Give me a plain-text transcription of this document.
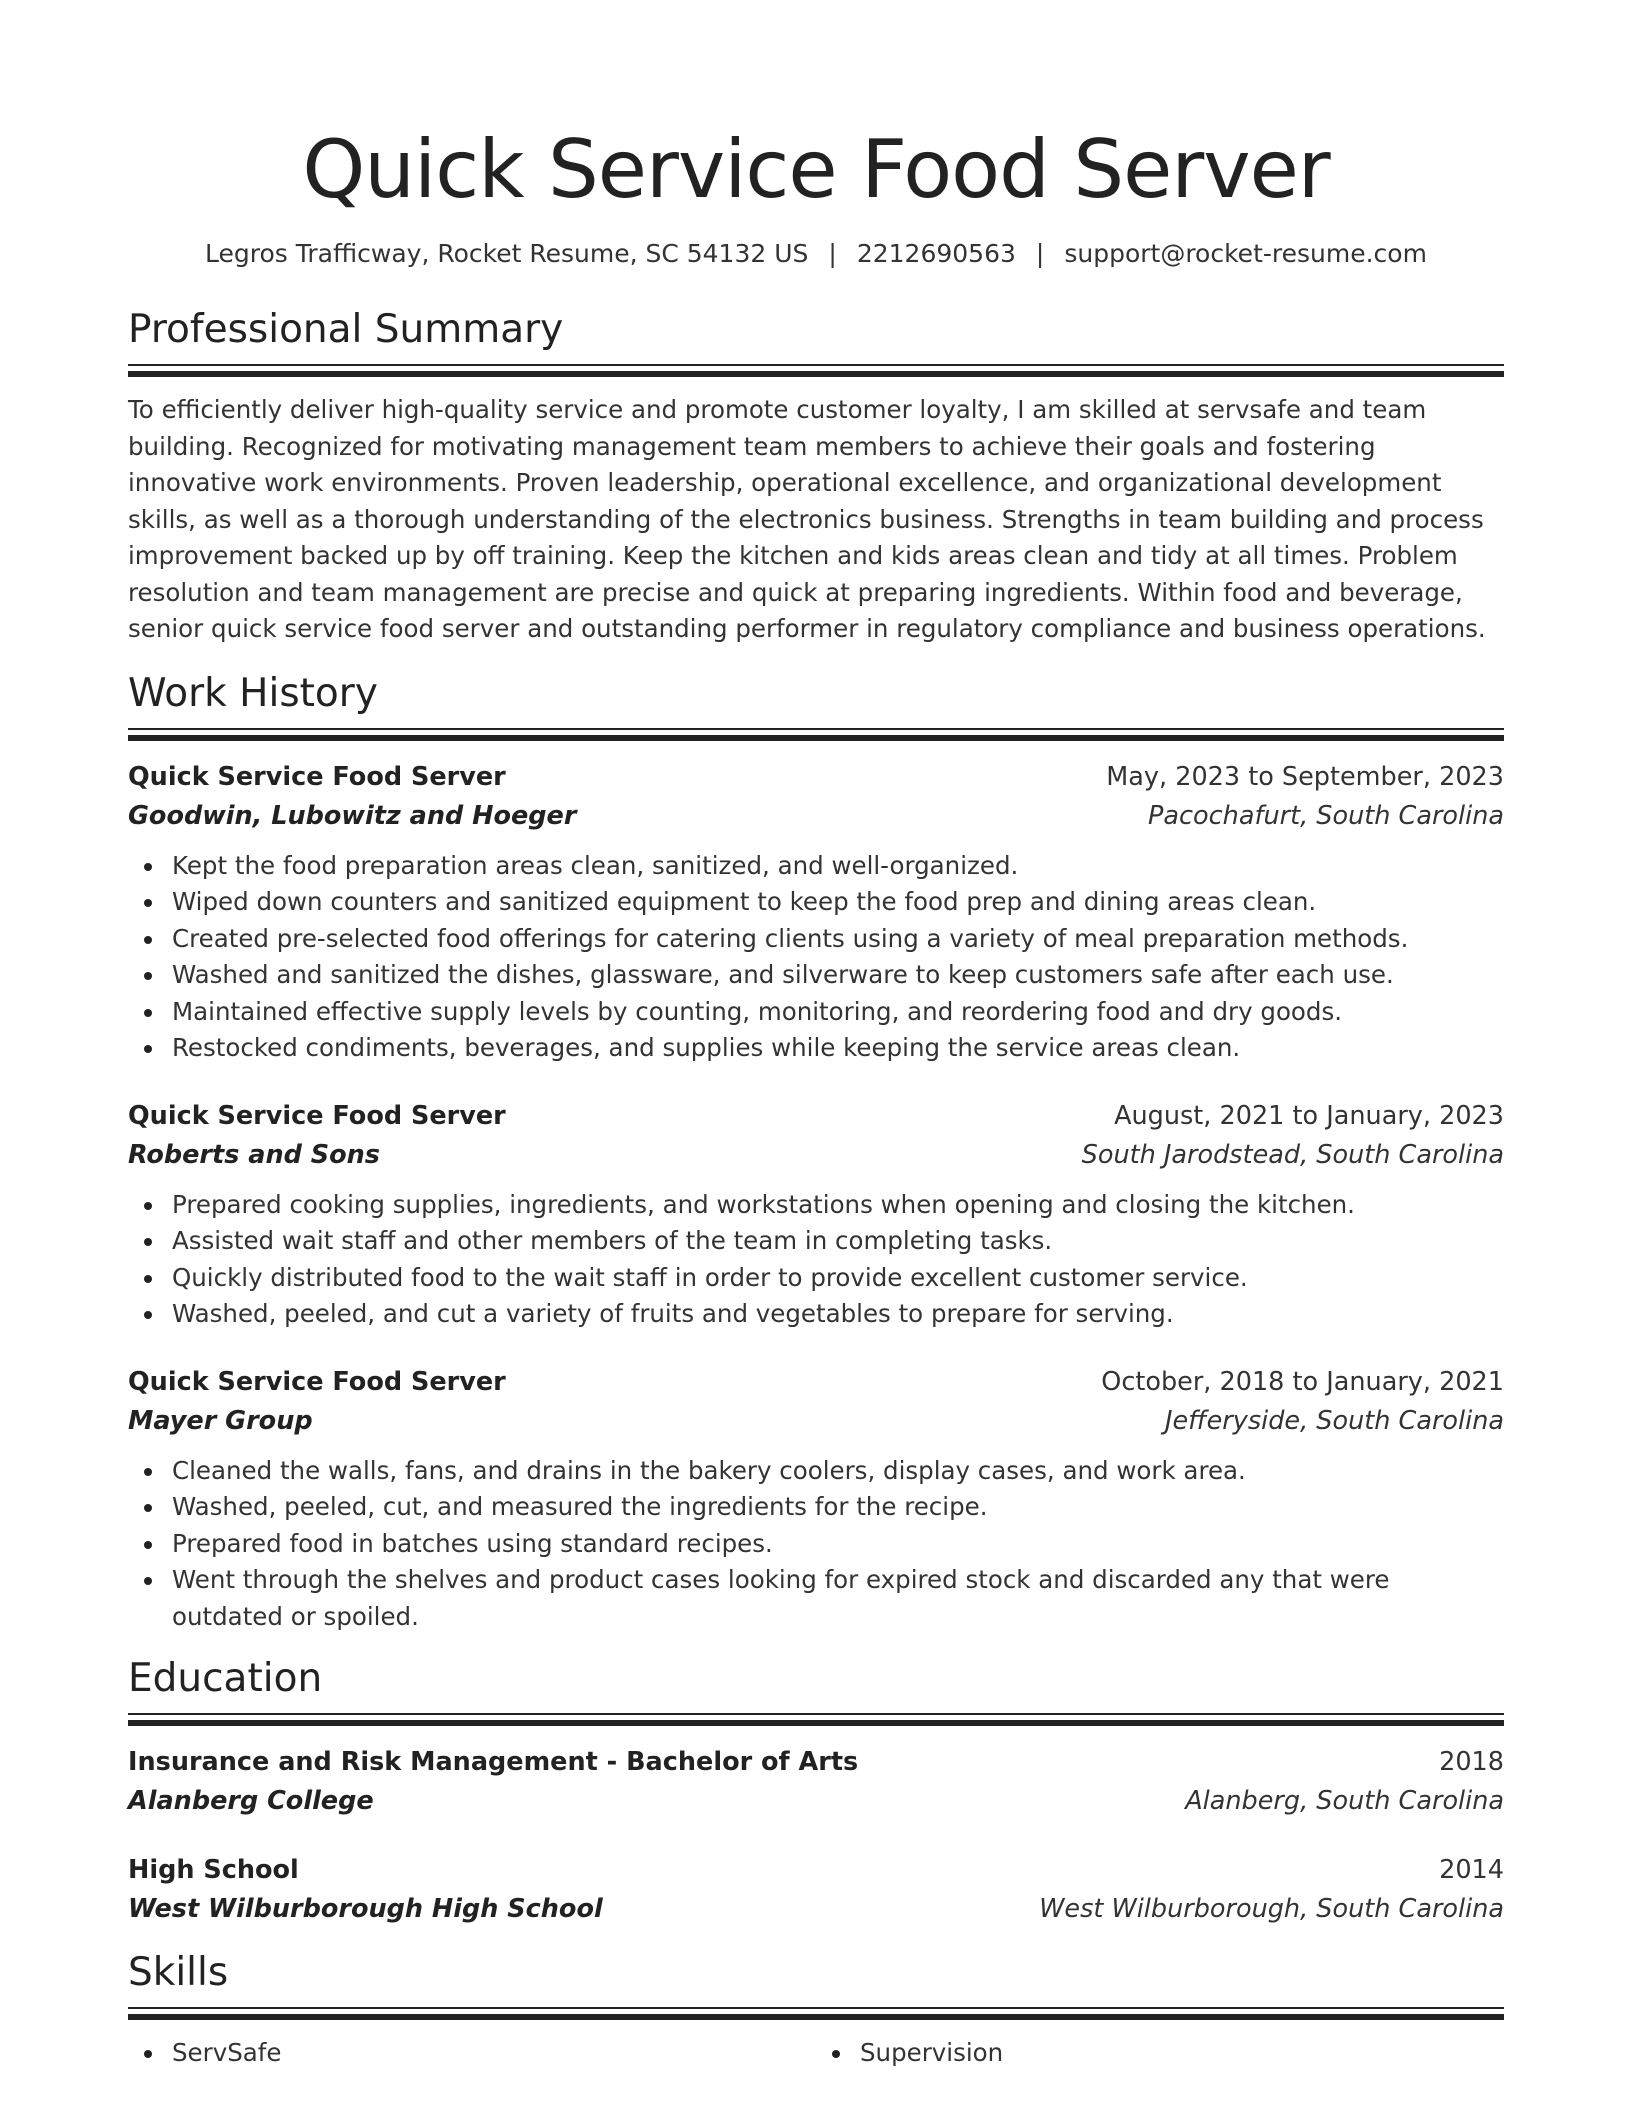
Quick Service Food Server
Legros Trafficway, Rocket Resume, SC 54132 US | 2212690563 | support@rocket-resume.com
Professional Summary
To efficiently deliver high-quality service and promote customer loyalty, I am skilled at servsafe and team building. Recognized for motivating management team members to achieve their goals and fostering innovative work environments. Proven leadership, operational excellence, and organizational development skills, as well as a thorough understanding of the electronics business. Strengths in team building and process improvement backed up by off training. Keep the kitchen and kids areas clean and tidy at all times. Problem resolution and team management are precise and quick at preparing ingredients. Within food and beverage, senior quick service food server and outstanding performer in regulatory compliance and business operations.
Work History
Quick Service Food Server	May, 2023 to September, 2023
Goodwin, Lubowitz and Hoeger	Pacochafurt, South Carolina
Kept the food preparation areas clean, sanitized, and well-organized.
Wiped down counters and sanitized equipment to keep the food prep and dining areas clean.
Created pre-selected food offerings for catering clients using a variety of meal preparation methods.
Washed and sanitized the dishes, glassware, and silverware to keep customers safe after each use.
Maintained effective supply levels by counting, monitoring, and reordering food and dry goods.
Restocked condiments, beverages, and supplies while keeping the service areas clean.
Quick Service Food Server	August, 2021 to January, 2023
Roberts and Sons	South Jarodstead, South Carolina
Prepared cooking supplies, ingredients, and workstations when opening and closing the kitchen.
Assisted wait staff and other members of the team in completing tasks.
Quickly distributed food to the wait staff in order to provide excellent customer service.
Washed, peeled, and cut a variety of fruits and vegetables to prepare for serving.
Quick Service Food Server	October, 2018 to January, 2021
Mayer Group	Jefferyside, South Carolina
Cleaned the walls, fans, and drains in the bakery coolers, display cases, and work area.
Washed, peeled, cut, and measured the ingredients for the recipe.
Prepared food in batches using standard recipes.
Went through the shelves and product cases looking for expired stock and discarded any that were outdated or spoiled.
Education
Insurance and Risk Management - Bachelor of Arts	2018
Alanberg College	Alanberg, South Carolina
High School	2014
West Wilburborough High School	West Wilburborough, South Carolina
Skills
ServSafe	Supervision
